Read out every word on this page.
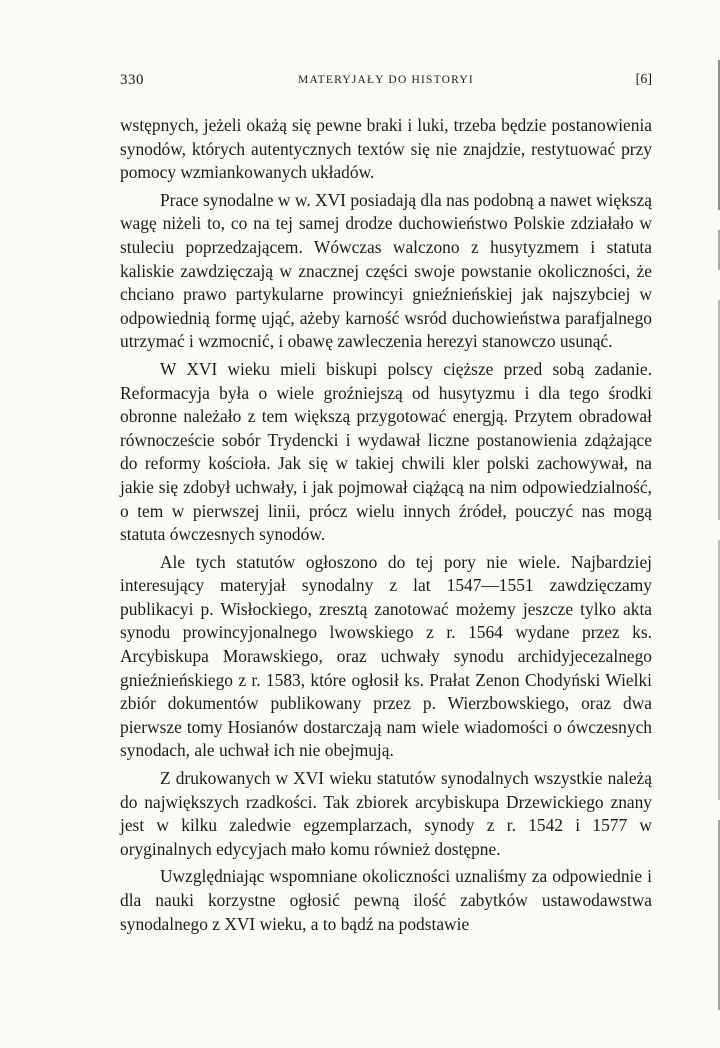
330	MATERYJAŁY DO HISTORYI	[6]

wstępnych, jeżeli okażą się pewne braki i luki, trzeba będzie postanowienia synodów, których autentycznych textów się nie znajdzie, restytuować przy pomocy wzmiankowanych układów.

Prace synodalne w w. XVI posiadają dla nas podobną a nawet większą wagę niżeli to, co na tej samej drodze duchowieństwo Polskie zdziałało w stuleciu poprzedzającem. Wówczas walczono z husytyzmem i statuta kaliskie zawdzięczają w znacznej części swoje powstanie okoliczności, że chciano prawo partykularne prowincyi gnieźnieńskiej jak najszybciej w odpowiednią formę ująć, ażeby karność wsród duchowieństwa parafjalnego utrzymać i wzmocnić, i obawę zawleczenia herezyi stanowczo usunąć.

W XVI wieku mieli biskupi polscy cięższe przed sobą zadanie. Reformacyja była o wiele groźniejszą od husytyzmu i dla tego środki obronne należało z tem większą przygotować energją. Przytem obradował równoczeście sobór Trydencki i wydawał liczne postanowienia zdążające do reformy kościoła. Jak się w takiej chwili kler polski zachowywał, na jakie się zdobył uchwały, i jak pojmował ciążącą na nim odpowiedzialność, o tem w pierwszej linii, prócz wielu innych źródeł, pouczyć nas mogą statuta ówczesnych synodów.

Ale tych statutów ogłoszono do tej pory nie wiele. Najbardziej interesujący materyjał synodalny z lat 1547—1551 zawdzięczamy publikacyi p. Wisłockiego, zresztą zanotować możemy jeszcze tylko akta synodu prowincyjonalnego lwowskiego z r. 1564 wydane przez ks. Arcybiskupa Morawskiego, oraz uchwały synodu archidyjecezalnego gnieźnieńskiego z r. 1583, które ogłosił ks. Prałat Zenon Chodyński Wielki zbiór dokumentów publikowany przez p. Wierzbowskiego, oraz dwa pierwsze tomy Hosianów dostarczają nam wiele wiadomości o ówczesnych synodach, ale uchwał ich nie obejmują.

Z drukowanych w XVI wieku statutów synodalnych wszystkie należą do największych rzadkości. Tak zbiorek arcybiskupa Drzewickiego znany jest w kilku zaledwie egzemplarzach, synody z r. 1542 i 1577 w oryginalnych edycyjach mało komu również dostępne.

Uwzględniając wspomniane okoliczności uznaliśmy za odpowiednie i dla nauki korzystne ogłosić pewną ilość zabytków ustawodawstwa synodalnego z XVI wieku, a to bądź na podstawie
